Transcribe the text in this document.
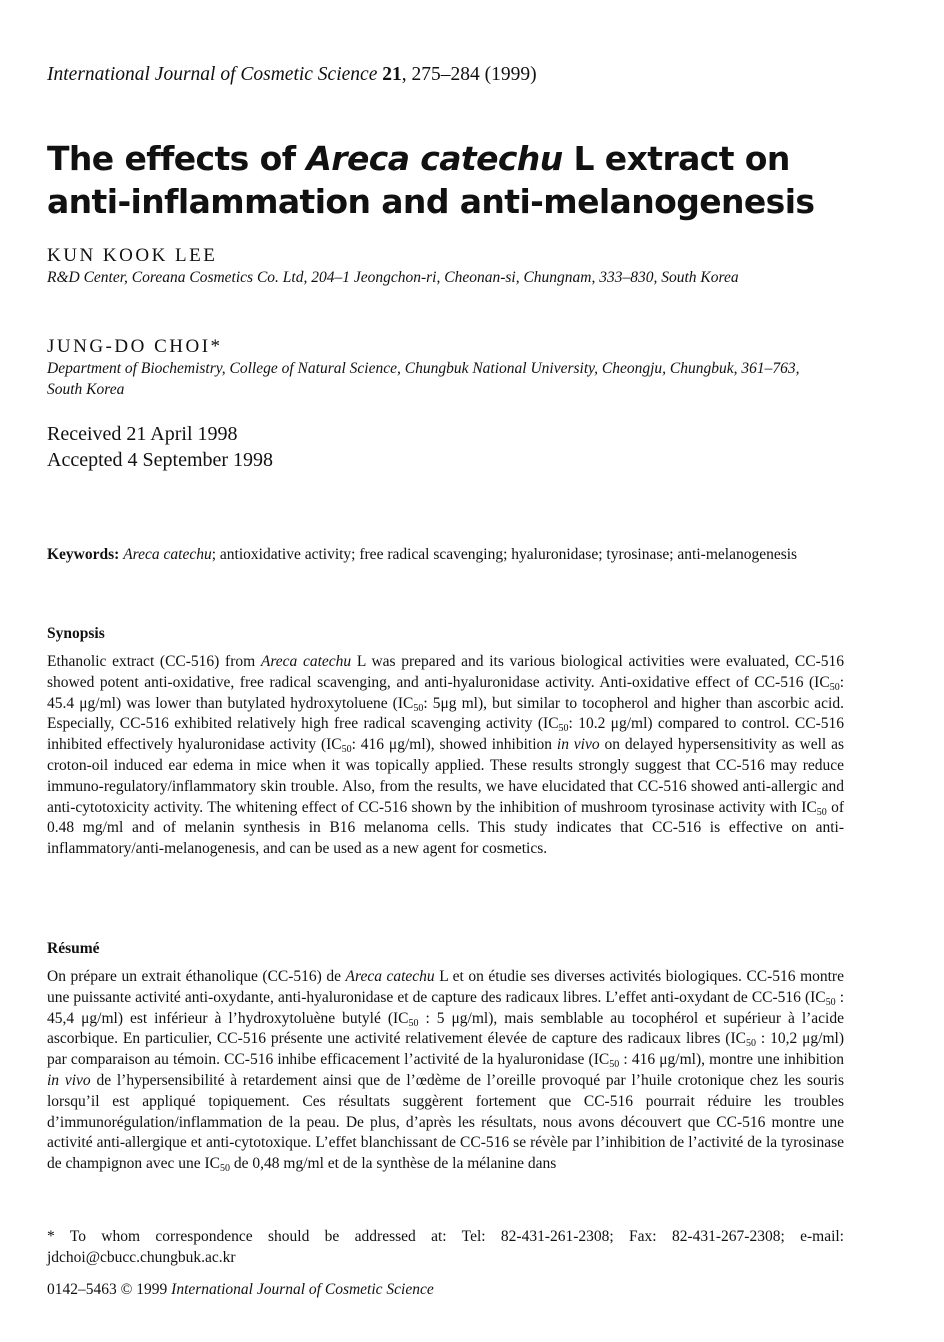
International Journal of Cosmetic Science 21, 275–284 (1999)
The effects of Areca catechu L extract on anti-inflammation and anti-melanogenesis
KUN KOOK LEE
R&D Center, Coreana Cosmetics Co. Ltd, 204–1 Jeongchon-ri, Cheonan-si, Chungnam, 333–830, South Korea
JUNG-DO CHOI*
Department of Biochemistry, College of Natural Science, Chungbuk National University, Cheongju, Chungbuk, 361–763, South Korea
Received 21 April 1998
Accepted 4 September 1998
Keywords: Areca catechu; antioxidative activity; free radical scavenging; hyaluronidase; tyrosinase; anti-melanogenesis
Synopsis
Ethanolic extract (CC-516) from Areca catechu L was prepared and its various biological activities were evaluated, CC-516 showed potent anti-oxidative, free radical scavenging, and anti-hyaluronidase activity. Anti-oxidative effect of CC-516 ($IC_{50}$: 45.4 μg/ml) was lower than butylated hydroxytoluene ($IC_{50}$: 5μg ml), but similar to tocopherol and higher than ascorbic acid. Especially, CC-516 exhibited relatively high free radical scavenging activity ($IC_{50}$: 10.2 μg/ml) compared to control. CC-516 inhibited effectively hyaluronidase activity ($IC_{50}$: 416 μg/ml), showed inhibition in vivo on delayed hypersensitivity as well as croton-oil induced ear edema in mice when it was topically applied. These results strongly suggest that CC-516 may reduce immuno-regulatory/inflammatory skin trouble. Also, from the results, we have elucidated that CC-516 showed anti-allergic and anti-cytotoxicity activity. The whitening effect of CC-516 shown by the inhibition of mushroom tyrosinase activity with $IC_{50}$ of 0.48 mg/ml and of melanin synthesis in B16 melanoma cells. This study indicates that CC-516 is effective on anti-inflammatory/anti-melanogenesis, and can be used as a new agent for cosmetics.
Résumé
On prépare un extrait éthanolique (CC-516) de Areca catechu L et on étudie ses diverses activités biologiques. CC-516 montre une puissante activité anti-oxydante, anti-hyaluronidase et de capture des radicaux libres. L’effet anti-oxydant de CC-516 ($IC_{50}$ : 45,4 μg/ml) est inférieur à l’hydroxytoluène butylé ($IC_{50}$ : 5 μg/ml), mais semblable au tocophérol et supérieur à l’acide ascorbique. En particulier, CC-516 présente une activité relativement élevée de capture des radicaux libres ($IC_{50}$ : 10,2 μg/ml) par comparaison au témoin. CC-516 inhibe efficacement l’activité de la hyaluronidase ($IC_{50}$ : 416 μg/ml), montre une inhibition in vivo de l’hypersensibilité à retardement ainsi que de l’œdème de l’oreille provoqué par l’huile crotonique chez les souris lorsqu’il est appliqué topiquement. Ces résultats suggèrent fortement que CC-516 pourrait réduire les troubles d’immunorégulation/inflammation de la peau. De plus, d’après les résultats, nous avons découvert que CC-516 montre une activité anti-allergique et anti-cytotoxique. L’effet blanchissant de CC-516 se révèle par l’inhibition de l’activité de la tyrosinase de champignon avec une $IC_{50}$ de 0,48 mg/ml et de la synthèse de la mélanine dans
* To whom correspondence should be addressed at: Tel: 82-431-261-2308; Fax: 82-431-267-2308; e-mail: jdchoi@cbucc.chungbuk.ac.kr
0142–5463 © 1999 International Journal of Cosmetic Science
